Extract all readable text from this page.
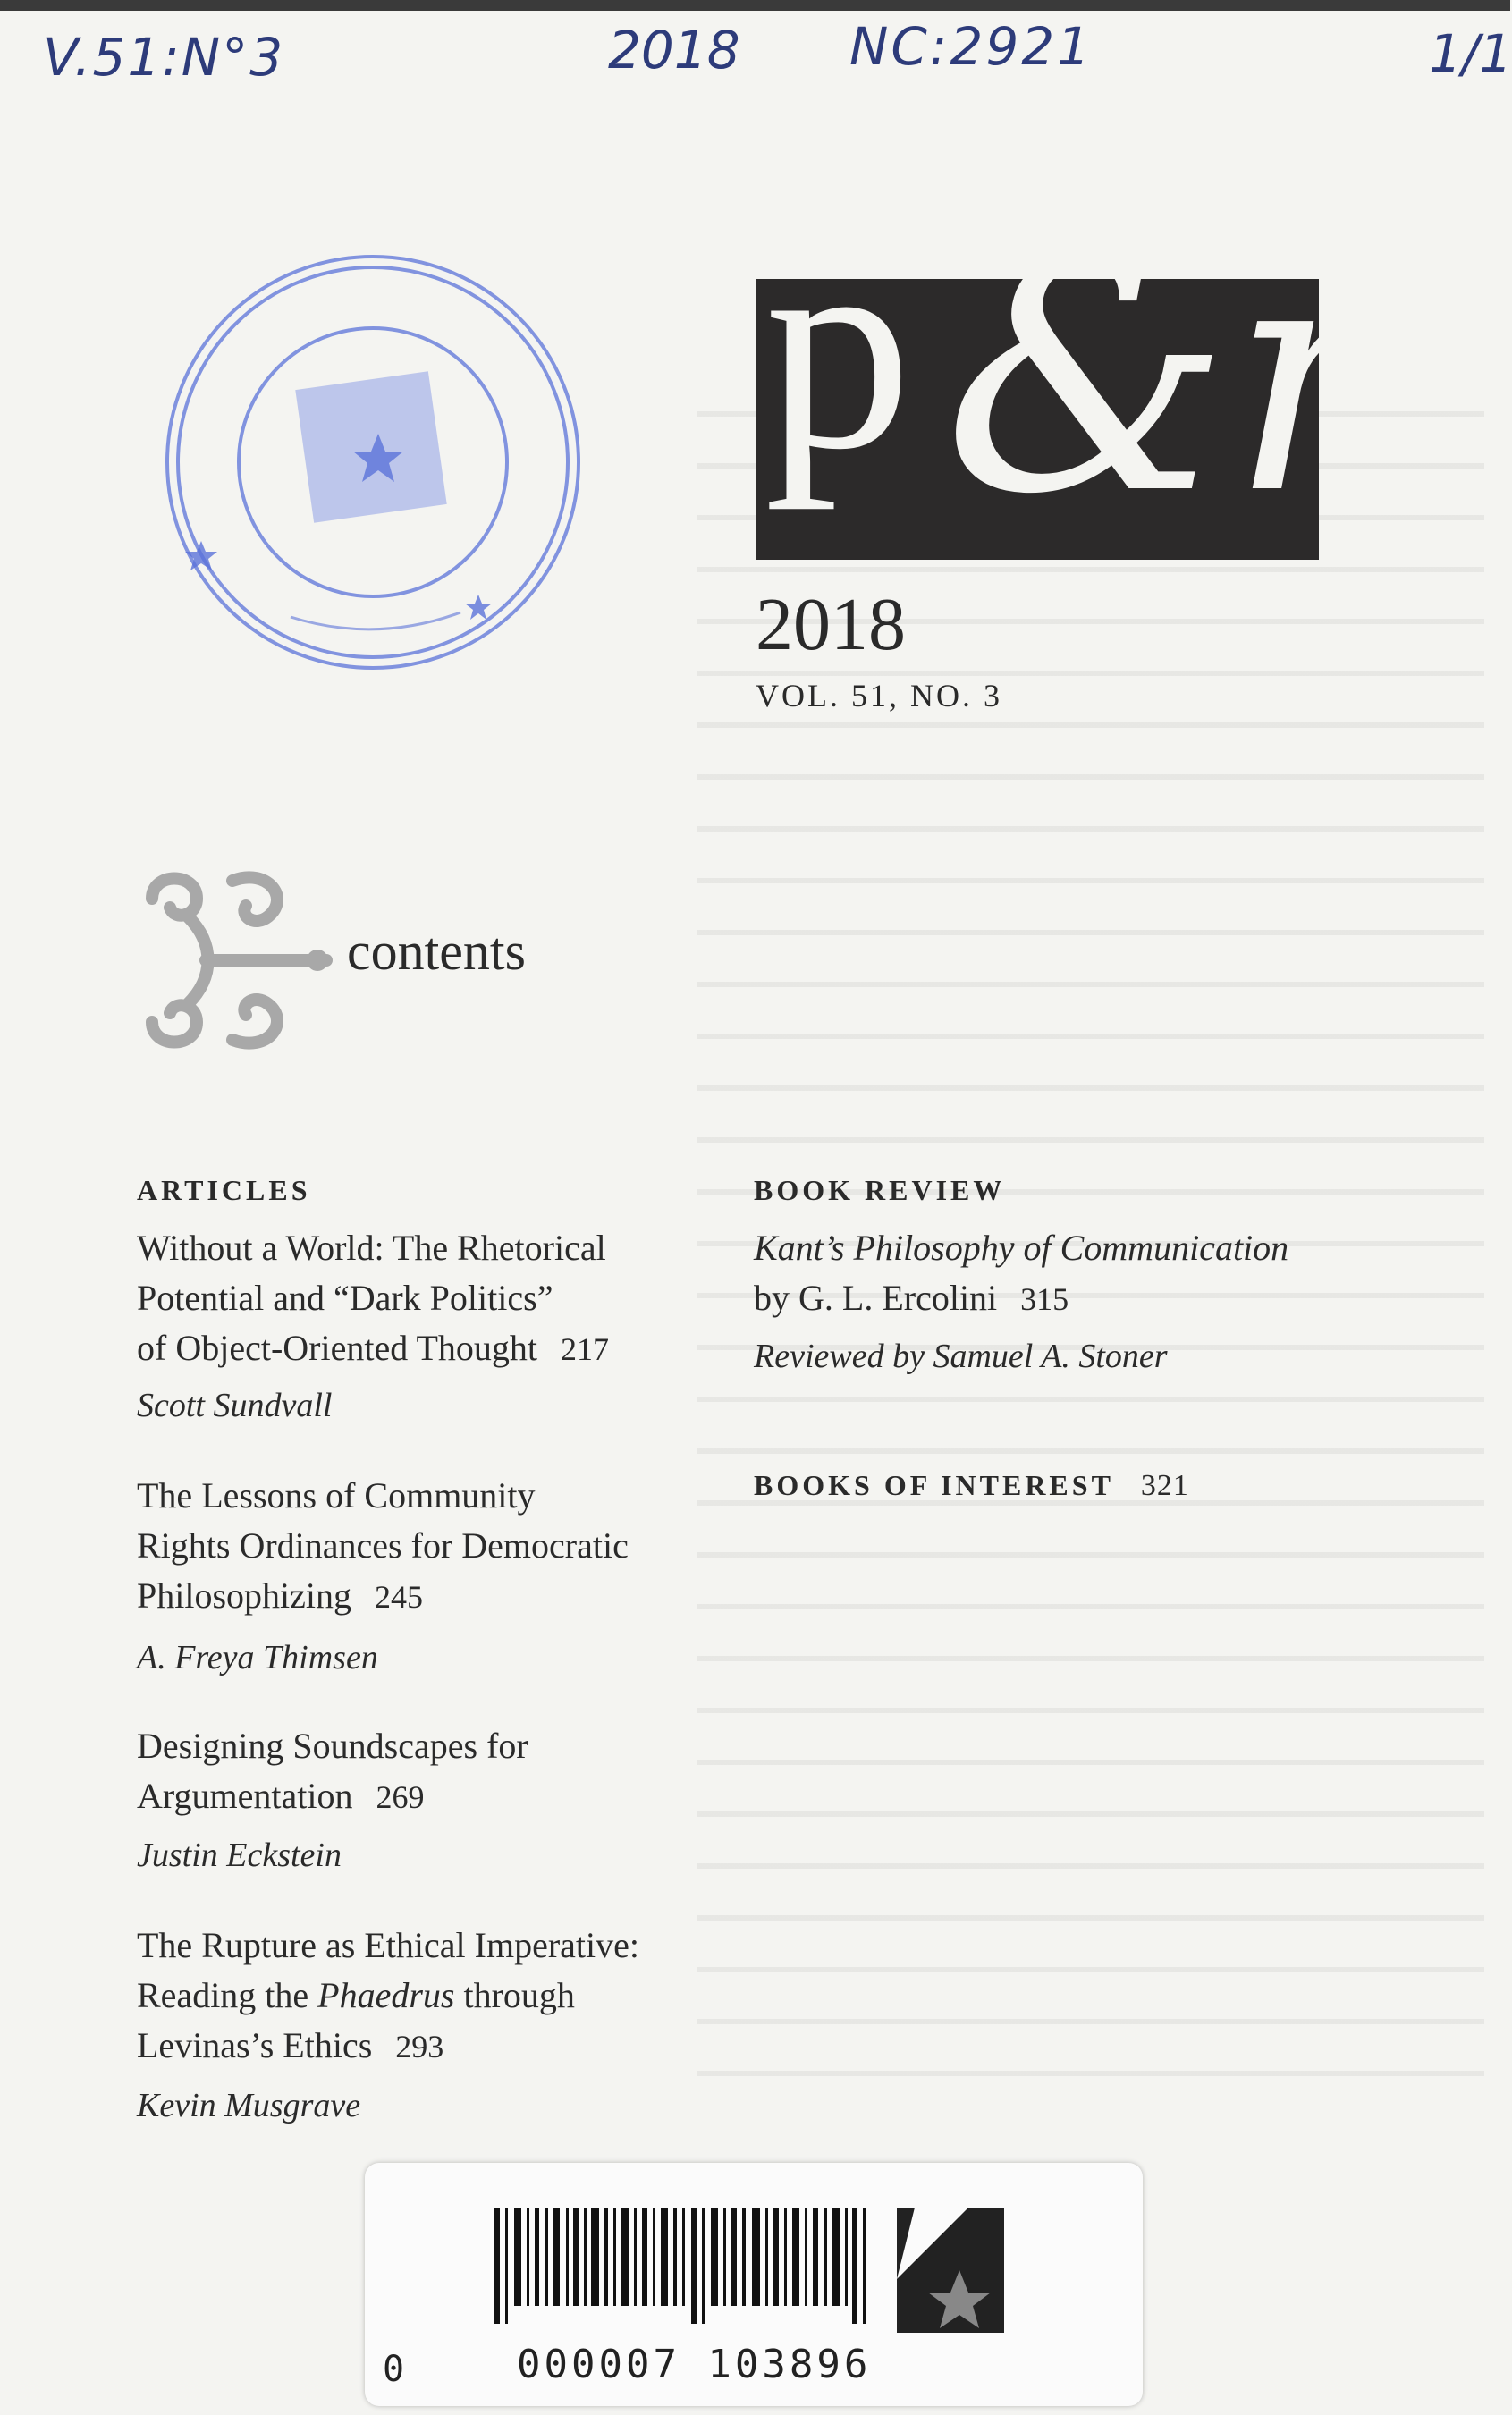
V.51:N°3	2018 NC:2921	1/1
p &r
2018
VOL. 51, NO. 3
contents
ARTICLES
Without a World: The Rhetorical
Potential and “Dark Politics”
of Object-Oriented Thought 217
Scott Sundvall
The Lessons of Community
Rights Ordinances for Democratic
Philosophizing 245
A. Freya Thimsen
Designing Soundscapes for
Argumentation 269
Justin Eckstein
The Rupture as Ethical Imperative:
Reading the Phaedrus through
Levinas’s Ethics 293
Kevin Musgrave
BOOK REVIEW
Kant’s Philosophy of Communication
by G. L. Ercolini 315
Reviewed by Samuel A. Stoner
BOOKS OF INTEREST 321
0	000007 103896
